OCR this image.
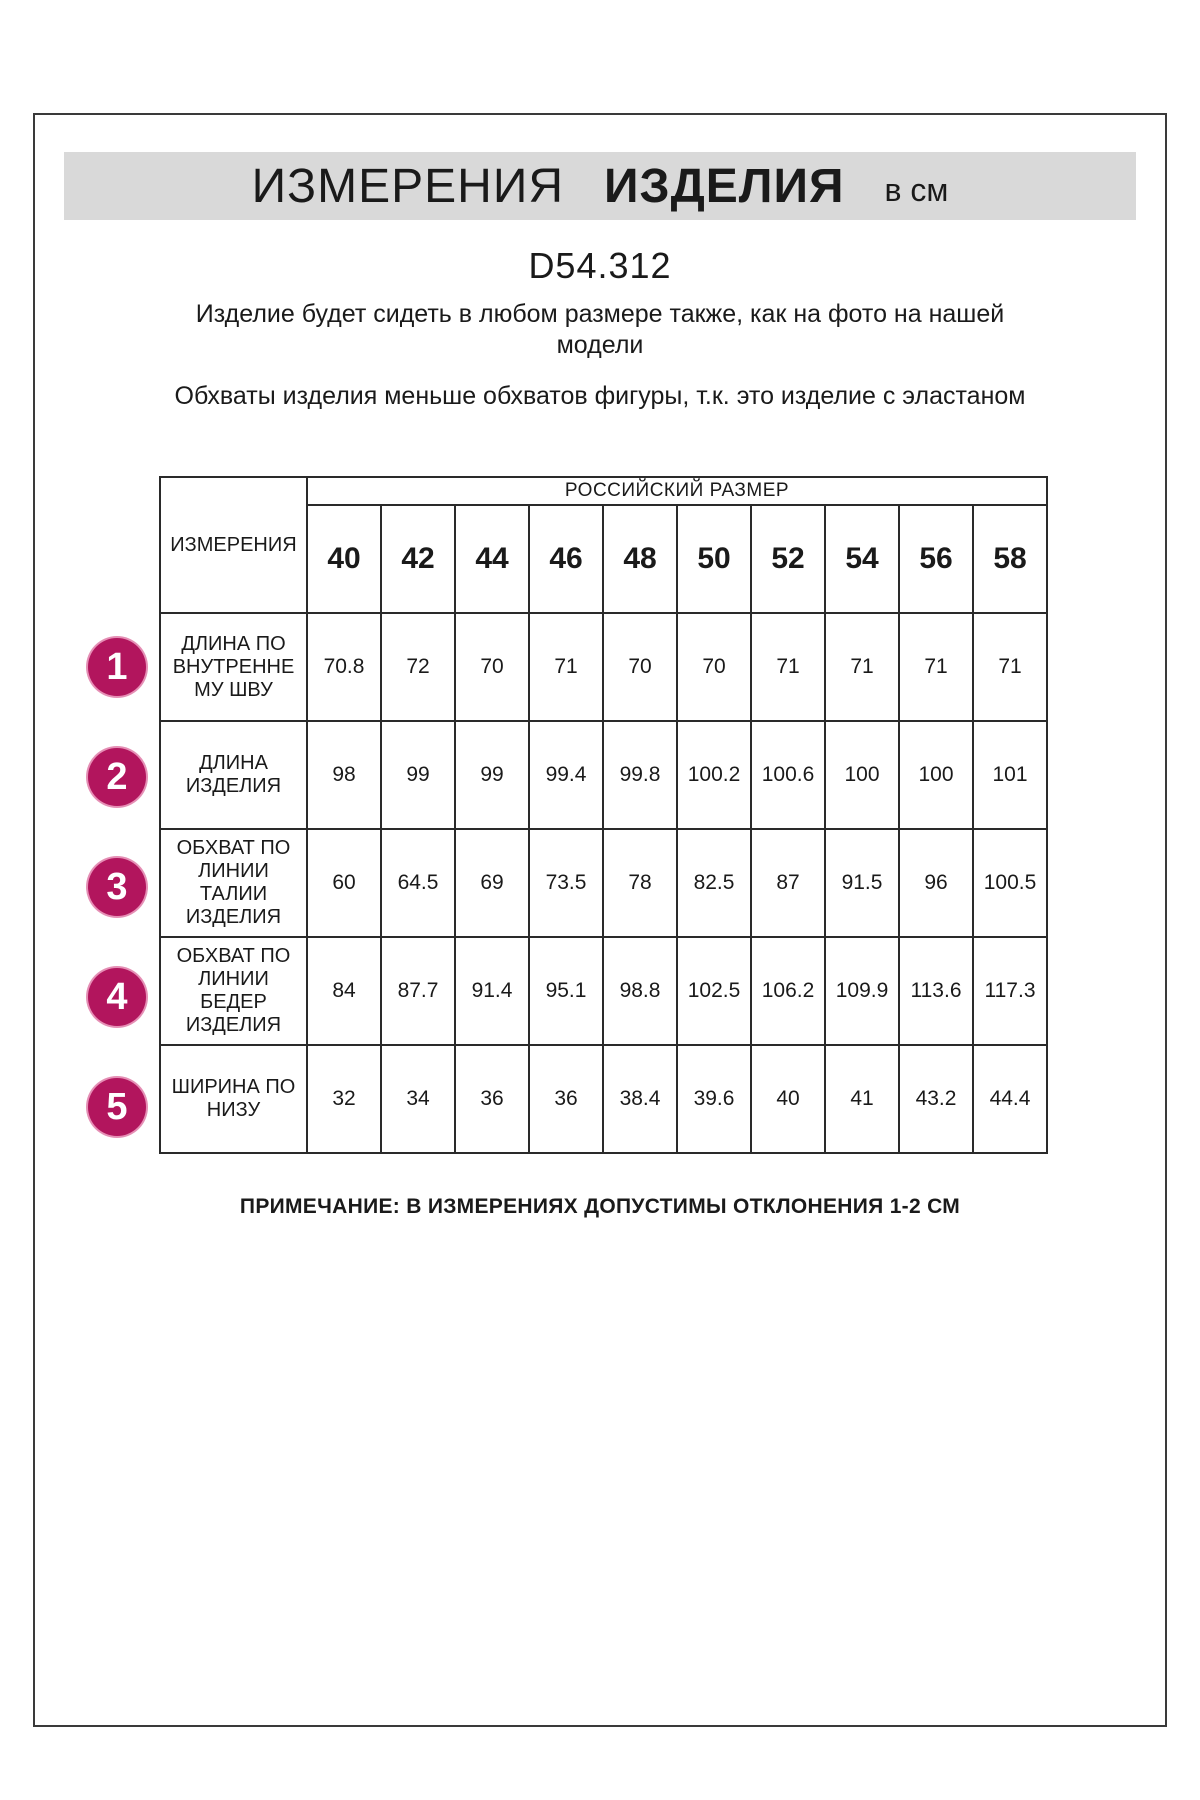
ИЗМЕРЕНИЯ ИЗДЕЛИЯ в см
D54.312
Изделие будет сидеть в любом размере также, как на фото на нашей модели
Обхваты изделия меньше обхватов фигуры, т.к. это изделие с эластаном
ИЗМЕРЕНИЯ	РОССИЙСКИЙ РАЗМЕР									
	40	42	44	46	48	50	52	54	56	58
ДЛИНА ПО ВНУТРЕННЕ МУ ШВУ	70.8	72	70	71	70	70	71	71	71	71
ДЛИНА ИЗДЕЛИЯ	98	99	99	99.4	99.8	100.2	100.6	100	100	101
ОБХВАТ ПО ЛИНИИ ТАЛИИ ИЗДЕЛИЯ	60	64.5	69	73.5	78	82.5	87	91.5	96	100.5
ОБХВАТ ПО ЛИНИИ БЕДЕР ИЗДЕЛИЯ	84	87.7	91.4	95.1	98.8	102.5	106.2	109.9	113.6	117.3
ШИРИНА ПО НИЗУ	32	34	36	36	38.4	39.6	40	41	43.2	44.4
1
2
3
4
5
ПРИМЕЧАНИЕ: В ИЗМЕРЕНИЯХ ДОПУСТИМЫ ОТКЛОНЕНИЯ 1-2 СМ
